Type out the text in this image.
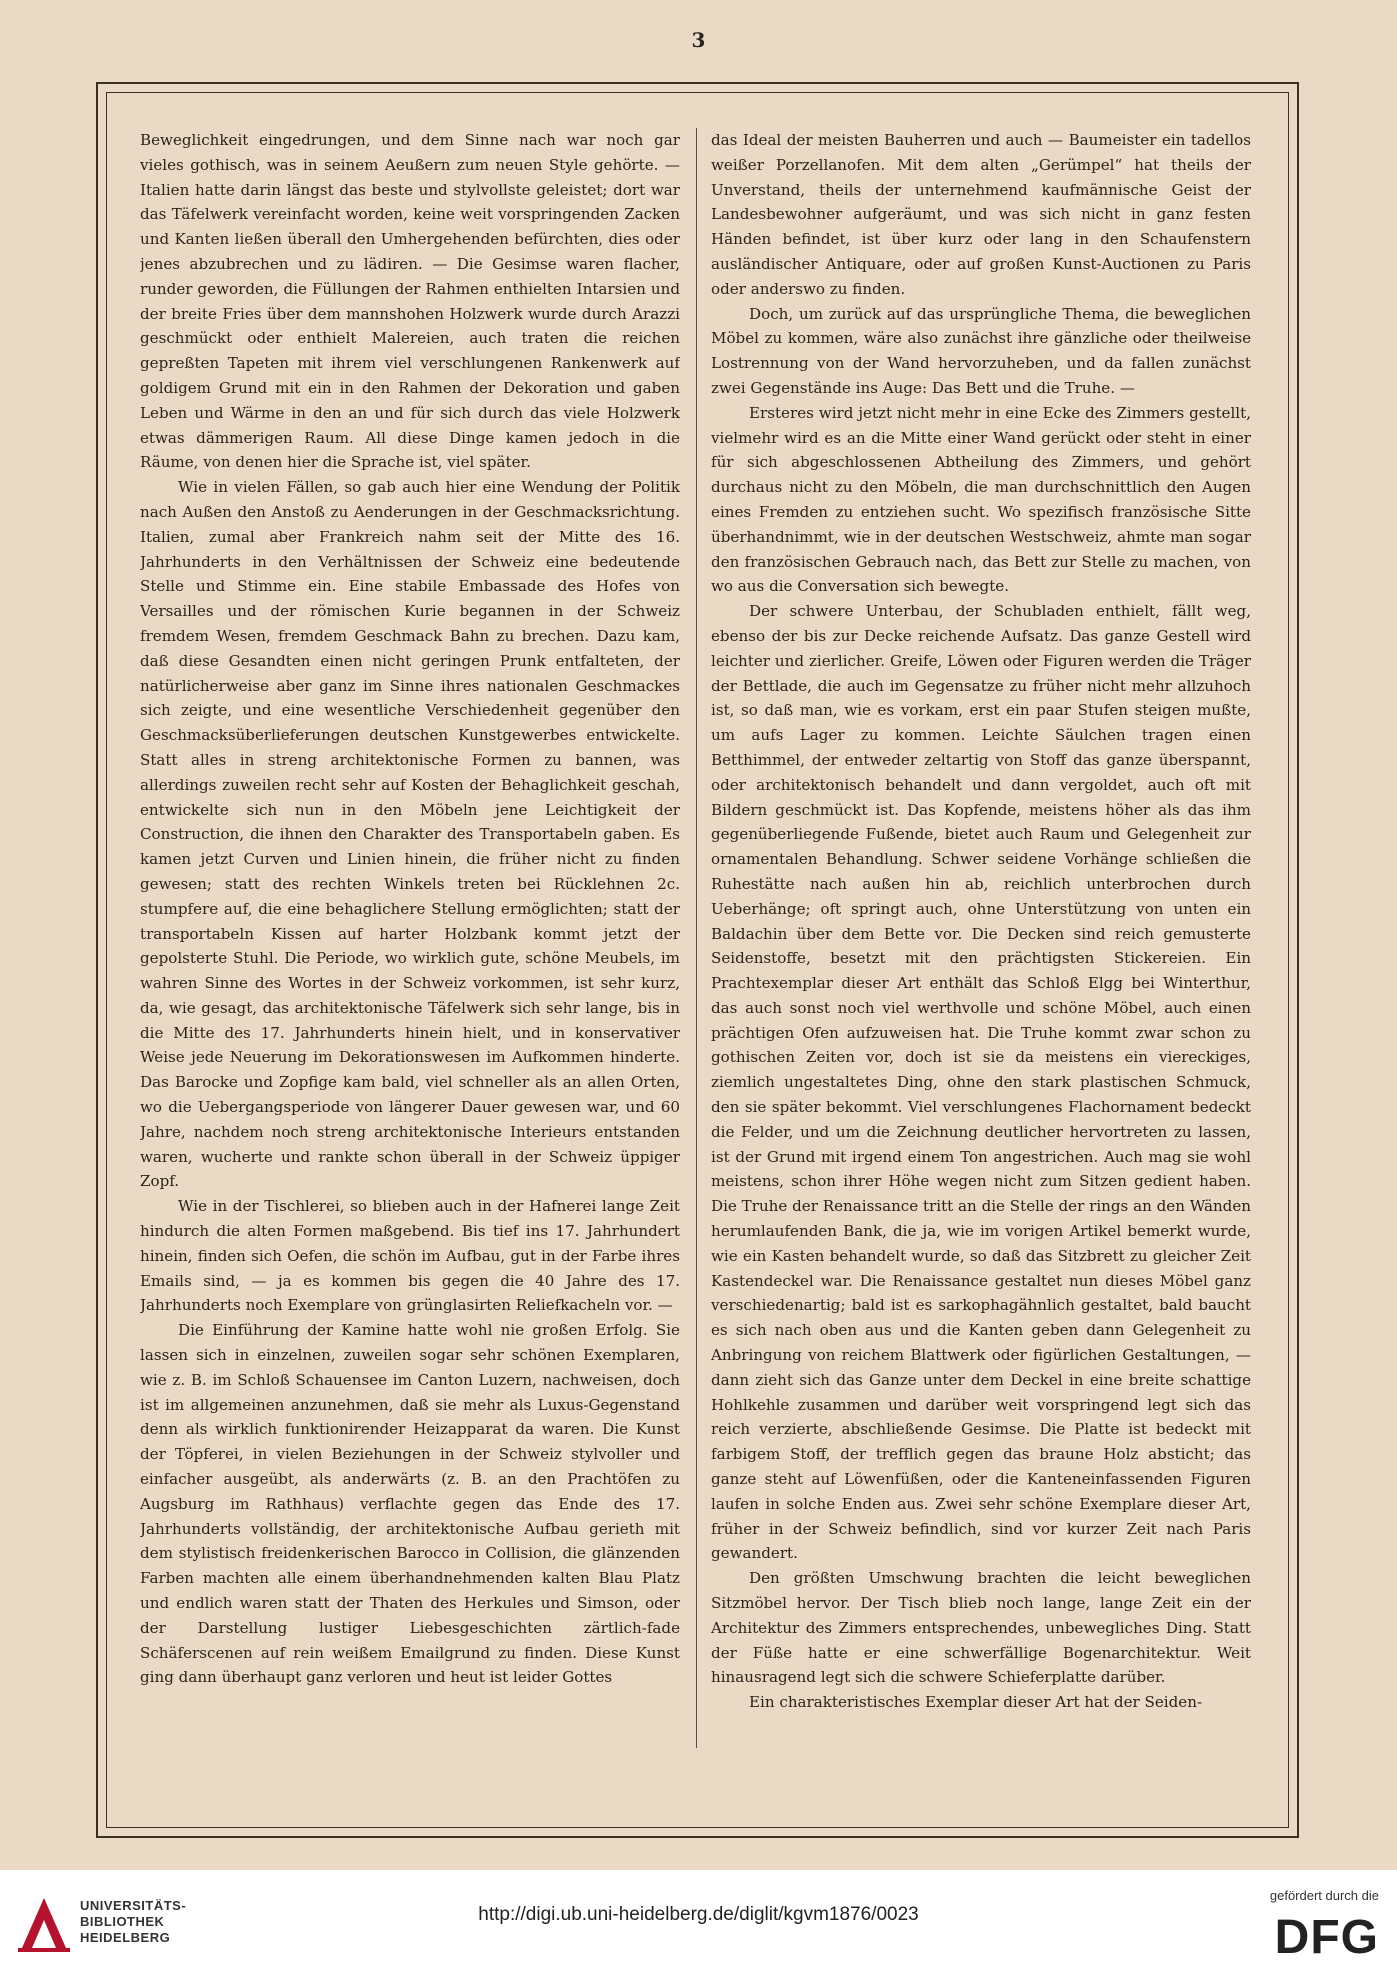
3

Beweglichkeit eingedrungen, und dem Sinne nach war noch gar vieles gothisch, was in seinem Aeußern zum neuen Style gehörte. — Italien hatte darin längst das beste und stylvollste geleistet; dort war das Täfelwerk vereinfacht worden, keine weit vorspringenden Zacken und Kanten ließen überall den Umhergehenden befürchten, dies oder jenes abzubrechen und zu lädiren. — Die Gesimse waren flacher, runder geworden, die Füllungen der Rahmen enthielten Intarsien und der breite Fries über dem mannshohen Holzwerk wurde durch Arazzi geschmückt oder enthielt Malereien, auch traten die reichen gepreßten Tapeten mit ihrem viel verschlungenen Rankenwerk auf goldigem Grund mit ein in den Rahmen der Dekoration und gaben Leben und Wärme in den an und für sich durch das viele Holzwerk etwas dämmerigen Raum. All diese Dinge kamen jedoch in die Räume, von denen hier die Sprache ist, viel später.

Wie in vielen Fällen, so gab auch hier eine Wendung der Politik nach Außen den Anstoß zu Aenderungen in der Geschmacksrichtung. Italien, zumal aber Frankreich nahm seit der Mitte des 16. Jahrhunderts in den Verhältnissen der Schweiz eine bedeutende Stelle und Stimme ein. Eine stabile Embassade des Hofes von Versailles und der römischen Kurie begannen in der Schweiz fremdem Wesen, fremdem Geschmack Bahn zu brechen. Dazu kam, daß diese Gesandten einen nicht geringen Prunk entfalteten, der natürlicherweise aber ganz im Sinne ihres nationalen Geschmackes sich zeigte, und eine wesentliche Verschiedenheit gegenüber den Geschmacksüberlieferungen deutschen Kunstgewerbes entwickelte. Statt alles in streng architektonische Formen zu bannen, was allerdings zuweilen recht sehr auf Kosten der Behaglichkeit geschah, entwickelte sich nun in den Möbeln jene Leichtigkeit der Construction, die ihnen den Charakter des Transportabeln gaben. Es kamen jetzt Curven und Linien hinein, die früher nicht zu finden gewesen; statt des rechten Winkels treten bei Rücklehnen 2c. stumpfere auf, die eine behaglichere Stellung ermöglichten; statt der transportabeln Kissen auf harter Holzbank kommt jetzt der gepolsterte Stuhl. Die Periode, wo wirklich gute, schöne Meubels, im wahren Sinne des Wortes in der Schweiz vorkommen, ist sehr kurz, da, wie gesagt, das architektonische Täfelwerk sich sehr lange, bis in die Mitte des 17. Jahrhunderts hinein hielt, und in konservativer Weise jede Neuerung im Dekorationswesen im Aufkommen hinderte. Das Barocke und Zopfige kam bald, viel schneller als an allen Orten, wo die Uebergangsperiode von längerer Dauer gewesen war, und 60 Jahre, nachdem noch streng architektonische Interieurs entstanden waren, wucherte und rankte schon überall in der Schweiz üppiger Zopf.

Wie in der Tischlerei, so blieben auch in der Hafnerei lange Zeit hindurch die alten Formen maßgebend. Bis tief ins 17. Jahrhundert hinein, finden sich Oefen, die schön im Aufbau, gut in der Farbe ihres Emails sind, — ja es kommen bis gegen die 40 Jahre des 17. Jahrhunderts noch Exemplare von grünglasirten Reliefkacheln vor. —

Die Einführung der Kamine hatte wohl nie großen Erfolg. Sie lassen sich in einzelnen, zuweilen sogar sehr schönen Exemplaren, wie z. B. im Schloß Schauensee im Canton Luzern, nachweisen, doch ist im allgemeinen anzunehmen, daß sie mehr als Luxus-Gegenstand denn als wirklich funktionirender Heizapparat da waren. Die Kunst der Töpferei, in vielen Beziehungen in der Schweiz stylvoller und einfacher ausgeübt, als anderwärts (z. B. an den Prachtöfen zu Augsburg im Rathhaus) verflachte gegen das Ende des 17. Jahrhunderts vollständig, der architektonische Aufbau gerieth mit dem stylistisch freidenkerischen Barocco in Collision, die glänzenden Farben machten alle einem überhandnehmenden kalten Blau Platz und endlich waren statt der Thaten des Herkules und Simson, oder der Darstellung lustiger Liebesgeschichten zärtlich-fade Schäferscenen auf rein weißem Emailgrund zu finden. Diese Kunst ging dann überhaupt ganz verloren und heut ist leider Gottes

das Ideal der meisten Bauherren und auch — Baumeister ein tadellos weißer Porzellanofen. Mit dem alten „Gerümpel“ hat theils der Unverstand, theils der unternehmend kaufmännische Geist der Landesbewohner aufgeräumt, und was sich nicht in ganz festen Händen befindet, ist über kurz oder lang in den Schaufenstern ausländischer Antiquare, oder auf großen Kunst-Auctionen zu Paris oder anderswo zu finden.

Doch, um zurück auf das ursprüngliche Thema, die beweglichen Möbel zu kommen, wäre also zunächst ihre gänzliche oder theilweise Lostrennung von der Wand hervorzuheben, und da fallen zunächst zwei Gegenstände ins Auge: Das Bett und die Truhe. —

Ersteres wird jetzt nicht mehr in eine Ecke des Zimmers gestellt, vielmehr wird es an die Mitte einer Wand gerückt oder steht in einer für sich abgeschlossenen Abtheilung des Zimmers, und gehört durchaus nicht zu den Möbeln, die man durchschnittlich den Augen eines Fremden zu entziehen sucht. Wo spezifisch französische Sitte überhandnimmt, wie in der deutschen Westschweiz, ahmte man sogar den französischen Gebrauch nach, das Bett zur Stelle zu machen, von wo aus die Conversation sich bewegte.

Der schwere Unterbau, der Schubladen enthielt, fällt weg, ebenso der bis zur Decke reichende Aufsatz. Das ganze Gestell wird leichter und zierlicher. Greife, Löwen oder Figuren werden die Träger der Bettlade, die auch im Gegensatze zu früher nicht mehr allzuhoch ist, so daß man, wie es vorkam, erst ein paar Stufen steigen mußte, um aufs Lager zu kommen. Leichte Säulchen tragen einen Betthimmel, der entweder zeltartig von Stoff das ganze überspannt, oder architektonisch behandelt und dann vergoldet, auch oft mit Bildern geschmückt ist. Das Kopfende, meistens höher als das ihm gegenüberliegende Fußende, bietet auch Raum und Gelegenheit zur ornamentalen Behandlung. Schwer seidene Vorhänge schließen die Ruhestätte nach außen hin ab, reichlich unterbrochen durch Ueberhänge; oft springt auch, ohne Unterstützung von unten ein Baldachin über dem Bette vor. Die Decken sind reich gemusterte Seidenstoffe, besetzt mit den prächtigsten Stickereien. Ein Prachtexemplar dieser Art enthält das Schloß Elgg bei Winterthur, das auch sonst noch viel werthvolle und schöne Möbel, auch einen prächtigen Ofen aufzuweisen hat. Die Truhe kommt zwar schon zu gothischen Zeiten vor, doch ist sie da meistens ein viereckiges, ziemlich ungestaltetes Ding, ohne den stark plastischen Schmuck, den sie später bekommt. Viel verschlungenes Flachornament bedeckt die Felder, und um die Zeichnung deutlicher hervortreten zu lassen, ist der Grund mit irgend einem Ton angestrichen. Auch mag sie wohl meistens, schon ihrer Höhe wegen nicht zum Sitzen gedient haben. Die Truhe der Renaissance tritt an die Stelle der rings an den Wänden herumlaufenden Bank, die ja, wie im vorigen Artikel bemerkt wurde, wie ein Kasten behandelt wurde, so daß das Sitzbrett zu gleicher Zeit Kastendeckel war. Die Renaissance gestaltet nun dieses Möbel ganz verschiedenartig; bald ist es sarkophagähnlich gestaltet, bald baucht es sich nach oben aus und die Kanten geben dann Gelegenheit zu Anbringung von reichem Blattwerk oder figürlichen Gestaltungen, — dann zieht sich das Ganze unter dem Deckel in eine breite schattige Hohlkehle zusammen und darüber weit vorspringend legt sich das reich verzierte, abschließende Gesimse. Die Platte ist bedeckt mit farbigem Stoff, der trefflich gegen das braune Holz absticht; das ganze steht auf Löwenfüßen, oder die Kanteneinfassenden Figuren laufen in solche Enden aus. Zwei sehr schöne Exemplare dieser Art, früher in der Schweiz befindlich, sind vor kurzer Zeit nach Paris gewandert.

Den größten Umschwung brachten die leicht beweglichen Sitzmöbel hervor. Der Tisch blieb noch lange, lange Zeit ein der Architektur des Zimmers entsprechendes, unbewegliches Ding. Statt der Füße hatte er eine schwerfällige Bogenarchitektur. Weit hinausragend legt sich die schwere Schieferplatte darüber.

Ein charakteristisches Exemplar dieser Art hat der Seiden-

UNIVERSITÄTS-
BIBLIOTHEK
HEIDELBERG
http://digi.ub.uni-heidelberg.de/diglit/kgvm1876/0023
gefördert durch die
DFG
